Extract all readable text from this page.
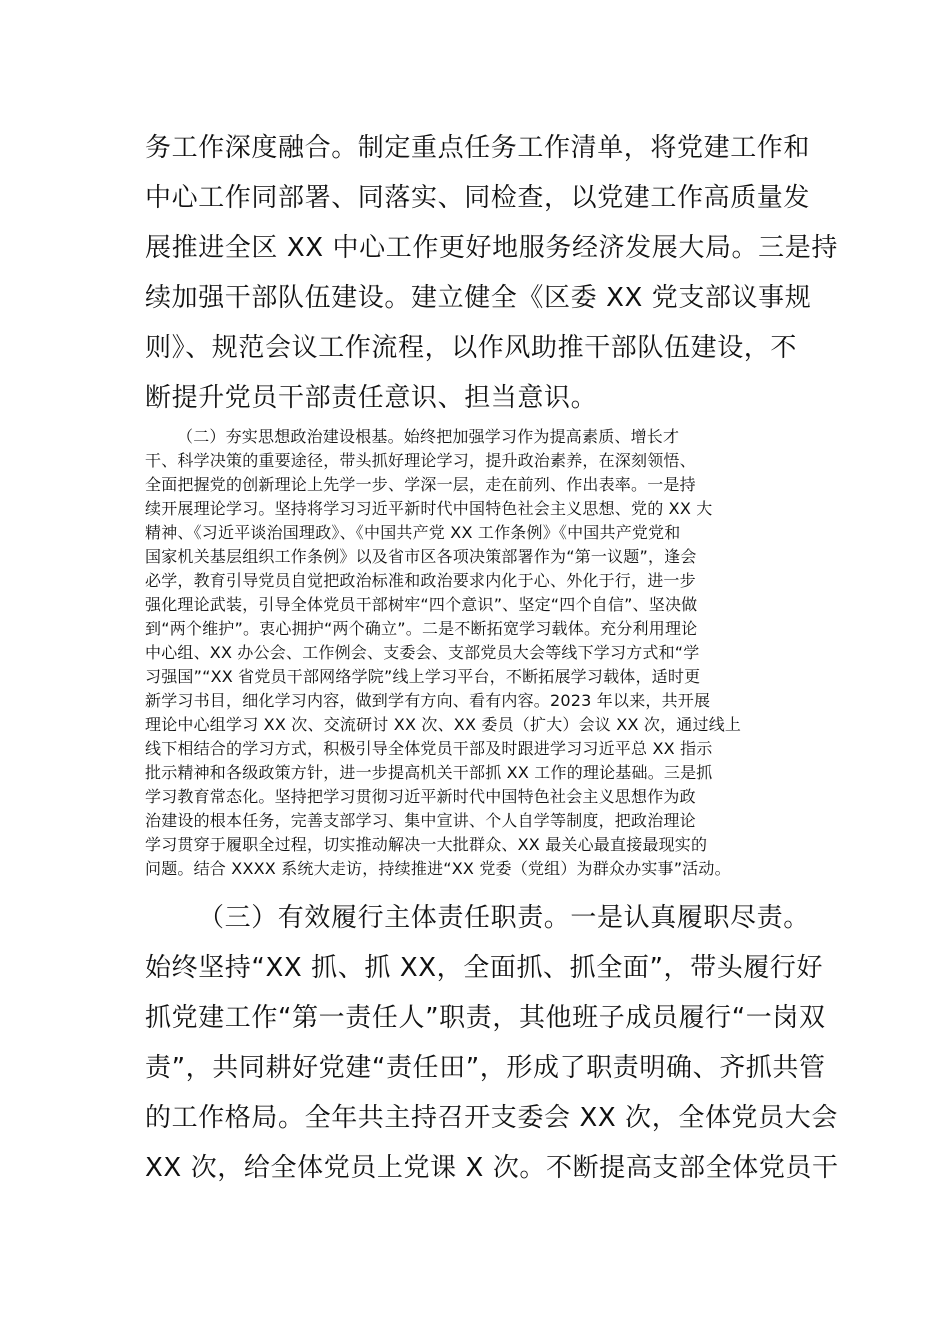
务工作深度融合。制定重点任务工作清单，将党建工作和

中心工作同部署、同落实、同检查，以党建工作高质量发

展推进全区 XX 中心工作更好地服务经济发展大局。三是持

续加强干部队伍建设。建立健全《区委 XX 党支部议事规

则》、规范会议工作流程，以作风助推干部队伍建设，不

断提升党员干部责任意识、担当意识。

（二）夯实思想政治建设根基。始终把加强学习作为提高素质、增长才

干、科学决策的重要途径，带头抓好理论学习，提升政治素养，在深刻领悟、

全面把握党的创新理论上先学一步、学深一层，走在前列、作出表率。一是持

续开展理论学习。坚持将学习习近平新时代中国特色社会主义思想、党的 XX 大

精神、《习近平谈治国理政》、《中国共产党 XX 工作条例》《中国共产党党和

国家机关基层组织工作条例》以及省市区各项决策部署作为“第一议题”，逢会

必学，教育引导党员自觉把政治标准和政治要求内化于心、外化于行，进一步

强化理论武装，引导全体党员干部树牢“四个意识”、坚定“四个自信”、坚决做

到“两个维护”。衷心拥护“两个确立”。二是不断拓宽学习载体。充分利用理论

中心组、XX 办公会、工作例会、支委会、支部党员大会等线下学习方式和“学

习强国”“XX 省党员干部网络学院”线上学习平台，不断拓展学习载体，适时更

新学习书目，细化学习内容，做到学有方向、看有内容。2023 年以来，共开展

理论中心组学习 XX 次、交流研讨 XX 次、XX 委员（扩大）会议 XX 次，通过线上

线下相结合的学习方式，积极引导全体党员干部及时跟进学习习近平总 XX 指示

批示精神和各级政策方针，进一步提高机关干部抓 XX 工作的理论基础。三是抓

学习教育常态化。坚持把学习贯彻习近平新时代中国特色社会主义思想作为政

治建设的根本任务，完善支部学习、集中宣讲、个人自学等制度，把政治理论

学习贯穿于履职全过程，切实推动解决一大批群众、XX 最关心最直接最现实的

问题。结合 XXXX 系统大走访，持续推进“XX 党委（党组）为群众办实事”活动。

（三）有效履行主体责任职责。一是认真履职尽责。

始终坚持“XX 抓、抓 XX，全面抓、抓全面”，带头履行好

抓党建工作“第一责任人”职责，其他班子成员履行“一岗双

责”，共同耕好党建“责任田”，形成了职责明确、齐抓共管

的工作格局。全年共主持召开支委会 XX 次，全体党员大会

XX 次，给全体党员上党课 X 次。不断提高支部全体党员干
